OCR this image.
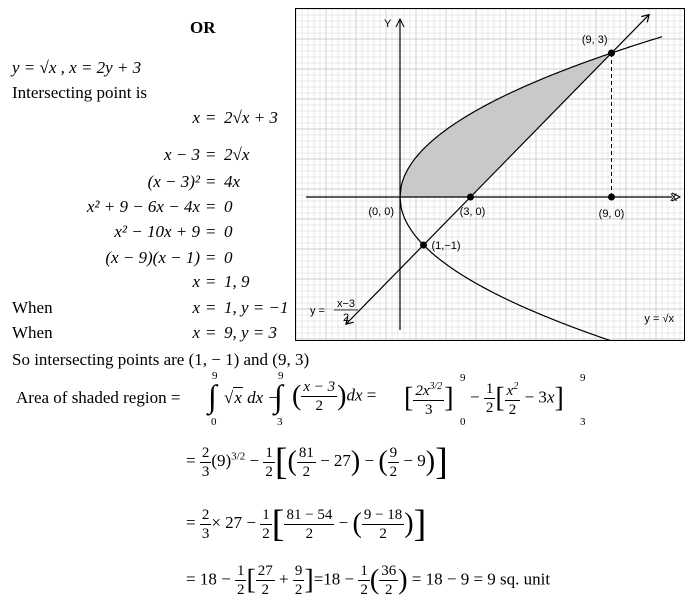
OR
y = √x , x = 2y + 3
Intersecting point is
x = 2√x + 3
x − 3 = 2√x
(x − 3)² = 4x
x² + 9 − 6x − 4x = 0
x² − 10x + 9 = 0
(x − 9)(x − 1) = 0
x = 1, 9
When	x = 1, y = −1
When	x = 9, y = 3
X
Y
(9, 3)
(0, 0)	(3, 0)	(9, 0)
(1,−1)
y = √x
y =
x−3
2
So intersecting points are (1, − 1) and (9, 3)
Area of shaded region = ∫
9
0
√x dx −
∫
9
3
( $\frac{x - 3}{2} )dx$ = [ $\frac{2x^{3/2}}{3}$ ]
9
0
− $\frac{1}{2}$ [ $\frac{x^2}{2} - 3x$]
9
3
= $\frac{2}{3} (9)^{3/2} - \frac{1}{2}$ [( $\frac{81}{2} - 27$) − ( $\frac{9}{2} - 9$)]
= $\frac{2}{3} \times 27 - \frac{1}{2}$ [ $\frac{81 - 54}{2}$ − ( $\frac{9 - 18}{2}$ )]
= $18 - \frac{1}{2}$ [ $\frac{27}{2} + \frac{9}{2} ]=18 - \frac{1}{2}$ ( $\frac{36}{2}$ ) = 18 − 9 = 9 sq. unit
